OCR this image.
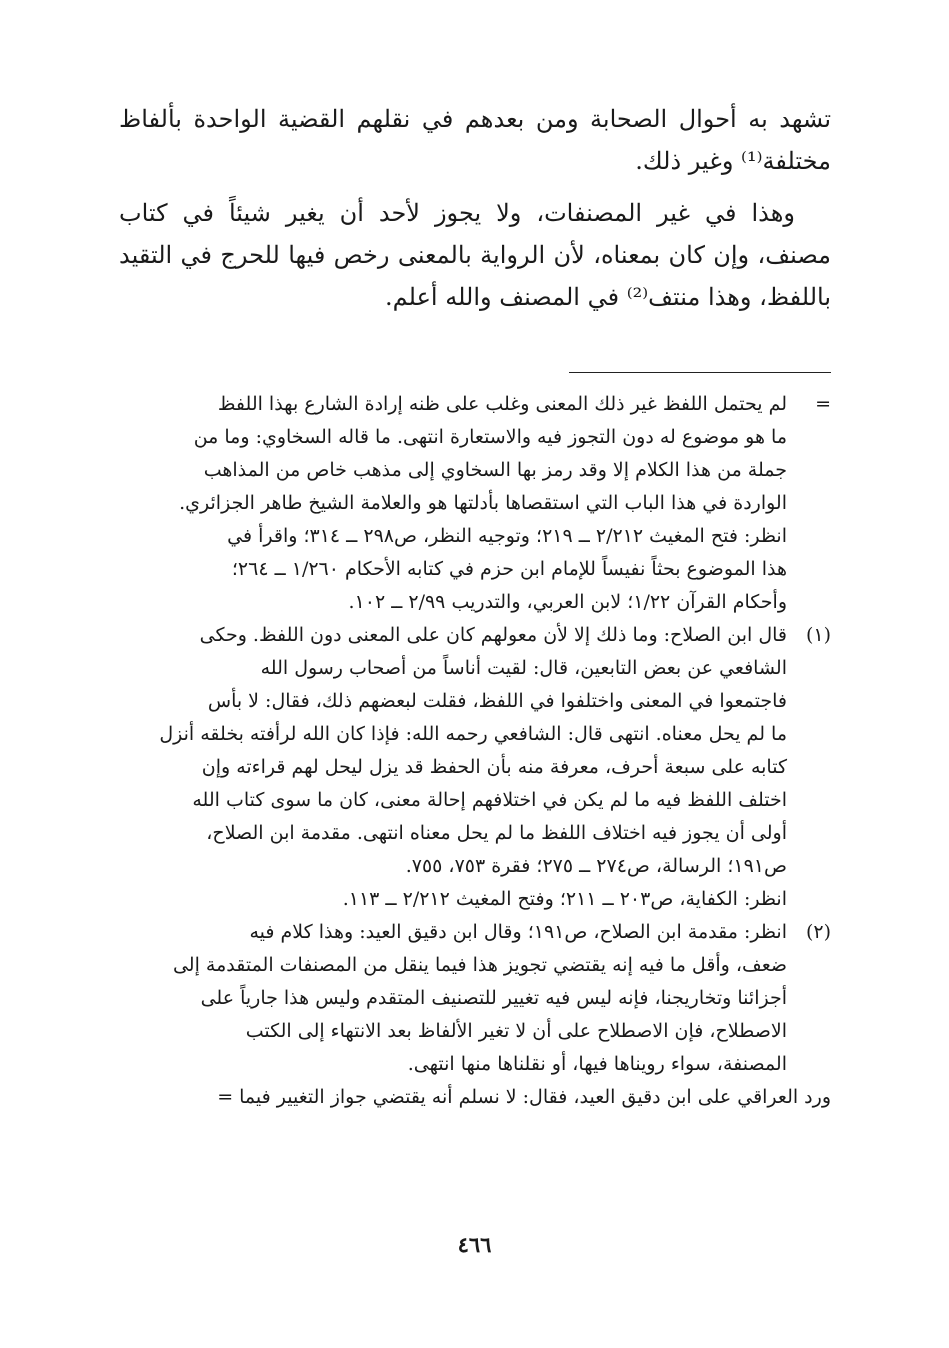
تشهد به أحوال الصحابة ومن بعدهم في نقلهم القضية الواحدة بألفاظ مختلفة⁽¹⁾ وغير ذلك.

وهذا في غير المصنفات، ولا يجوز لأحد أن يغير شيئاً في كتاب مصنف، وإن كان بمعناه، لأن الرواية بالمعنى رخص فيها للحرج في التقيد باللفظ، وهذا منتف⁽²⁾ في المصنف والله أعلم.

=

لم يحتمل اللفظ غير ذلك المعنى وغلب على ظنه إرادة الشارع بهذا اللفظ

ما هو موضوع له دون التجوز فيه والاستعارة انتهى. ما قاله السخاوي: وما من

جملة من هذا الكلام إلا وقد رمز بها السخاوي إلى مذهب خاص من المذاهب

الواردة في هذا الباب التي استقصاها بأدلتها هو والعلامة الشيخ طاهر الجزائري.

انظر: فتح المغيث ٢/٢١٢ ــ ٢١٩؛ وتوجيه النظر، ص٢٩٨ ــ ٣١٤؛ واقرأ في

هذا الموضوع بحثاً نفيساً للإمام ابن حزم في كتابه الأحكام ١/٢٦٠ ــ ٢٦٤؛

وأحكام القرآن ١/٢٢؛ لابن العربي، والتدريب ٢/٩٩ ــ ١٠٢.

(١)

قال ابن الصلاح: وما ذلك إلا لأن معولهم كان على المعنى دون اللفظ. وحكى

الشافعي عن بعض التابعين، قال: لقيت أناساً من أصحاب رسول الله

فاجتمعوا في المعنى واختلفوا في اللفظ، فقلت لبعضهم ذلك، فقال: لا بأس

ما لم يحل معناه. انتهى قال: الشافعي رحمه الله: فإذا كان الله لرأفته بخلقه أنزل

كتابه على سبعة أحرف، معرفة منه بأن الحفظ قد يزل ليحل لهم قراءته وإن

اختلف اللفظ فيه ما لم يكن في اختلافهم إحالة معنى، كان ما سوى كتاب الله

أولى أن يجوز فيه اختلاف اللفظ ما لم يحل معناه انتهى. مقدمة ابن الصلاح،

ص١٩١؛ الرسالة، ص٢٧٤ ــ ٢٧٥؛ فقرة ٧٥٣، ٧٥٥.

انظر: الكفاية، ص٢٠٣ ــ ٢١١؛ وفتح المغيث ٢/٢١٢ ــ ١١٣.

(٢)

انظر: مقدمة ابن الصلاح، ص١٩١؛ وقال ابن دقيق العيد: وهذا كلام فيه

ضعف، وأقل ما فيه إنه يقتضي تجويز هذا فيما ينقل من المصنفات المتقدمة إلى

أجزائنا وتخاريجنا، فإنه ليس فيه تغيير للتصنيف المتقدم وليس هذا جارياً على

الاصطلاح، فإن الاصطلاح على أن لا تغير الألفاظ بعد الانتهاء إلى الكتب

المصنفة، سواء رويناها فيها، أو نقلناها منها انتهى.

ورد العراقي على ابن دقيق العيد، فقال: لا نسلم أنه يقتضي جواز التغيير فيما =

٤٦٦
